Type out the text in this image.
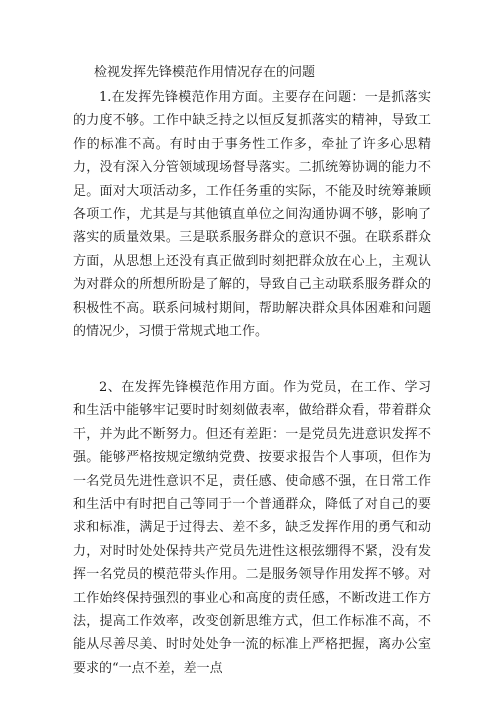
检视发挥先锋模范作用情况存在的问题

1.在发挥先锋模范作用方面。主要存在问题：一是抓落实的力度不够。工作中缺乏持之以恒反复抓落实的精神，导致工作的标准不高。有时由于事务性工作多，牵扯了许多心思精力，没有深入分管领域现场督导落实。二抓统筹协调的能力不足。面对大项活动多，工作任务重的实际，不能及时统筹兼顾各项工作，尤其是与其他镇直单位之间沟通协调不够，影响了落实的质量效果。三是联系服务群众的意识不强。在联系群众方面，从思想上还没有真正做到时刻把群众放在心上，主观认为对群众的所想所盼是了解的，导致自己主动联系服务群众的积极性不高。联系问城村期间，帮助解决群众具体困难和问题的情况少，习惯于常规式地工作。

2、在发挥先锋模范作用方面。作为党员，在工作、学习和生活中能够牢记要时时刻刻做表率，做给群众看，带着群众干，并为此不断努力。但还有差距：一是党员先进意识发挥不强。能够严格按规定缴纳党费、按要求报告个人事项，但作为一名党员先进性意识不足，责任感、使命感不强，在日常工作和生活中有时把自己等同于一个普通群众，降低了对自己的要求和标准，满足于过得去、差不多，缺乏发挥作用的勇气和动力，对时时处处保持共产党员先进性这根弦绷得不紧，没有发挥一名党员的模范带头作用。二是服务领导作用发挥不够。对工作始终保持强烈的事业心和高度的责任感，不断改进工作方法，提高工作效率，改变创新思维方式，但工作标准不高，不能从尽善尽美、时时处处争一流的标准上严格把握，离办公室要求的“一点不差，差一点
